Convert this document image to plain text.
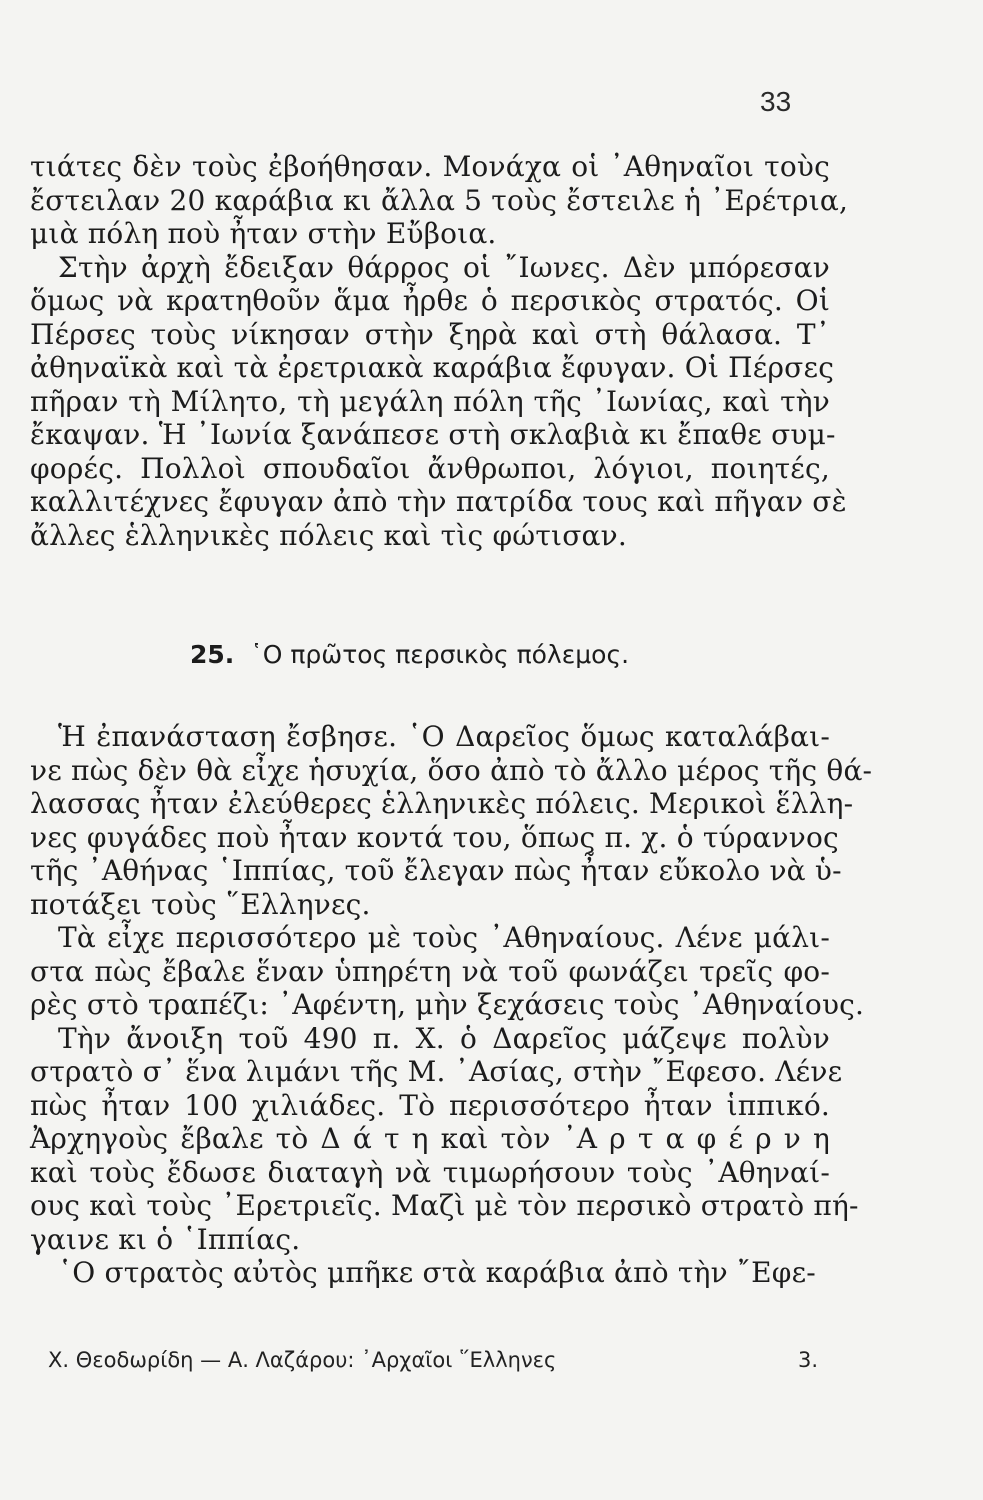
33
τιάτες δὲν τοὺς ἐβοήθησαν. Μονάχα οἱ ᾿Αθηναῖοι τοὺς
ἔστειλαν 20 καράβια κι ἄλλα 5 τοὺς ἔστειλε ἡ ᾿Ερέτρια,
μιὰ πόλη ποὺ ἦταν στὴν Εὔβοια.
Στὴν ἀρχὴ ἔδειξαν θάρρος οἱ ῎Ιωνες. Δὲν μπόρεσαν
ὅμως νὰ κρατηθοῦν ἅμα ἦρθε ὁ περσικὸς στρατός. Οἱ
Πέρσες τοὺς νίκησαν στὴν ξηρὰ καὶ στὴ θάλασα. Τ᾿
ἀθηναϊκὰ καὶ τὰ ἐρετριακὰ καράβια ἔφυγαν. Οἱ Πέρσες
πῆραν τὴ Μίλητο, τὴ μεγάλη πόλη τῆς ᾿Ιωνίας, καὶ τὴν
ἔκαψαν. Ἡ ᾿Ιωνία ξανάπεσε στὴ σκλαβιὰ κι ἔπαθε συμ-
φορές. Πολλοὶ σπουδαῖοι ἄνθρωποι, λόγιοι, ποιητές,
καλλιτέχνες ἔφυγαν ἀπὸ τὴν πατρίδα τους καὶ πῆγαν σὲ
ἄλλες ἑλληνικὲς πόλεις καὶ τὶς φώτισαν.
25. ῾Ο πρῶτος περσικὸς πόλεμος.
Ἡ ἐπανάσταση ἔσβησε. ῾Ο Δαρεῖος ὅμως καταλάβαι-
νε πὼς δὲν θὰ εἶχε ἡσυχία, ὅσο ἀπὸ τὸ ἄλλο μέρος τῆς θά-
λασσας ἦταν ἐλεύθερες ἑλληνικὲς πόλεις. Μερικοὶ ἕλλη-
νες φυγάδες ποὺ ἦταν κοντά του, ὅπως π. χ. ὁ τύραννος
τῆς ᾿Αθήνας ῾Ιππίας, τοῦ ἔλεγαν πὼς ἦταν εὔκολο νὰ ὑ-
ποτάξει τοὺς ῞Ελληνες.
Τὰ εἶχε περισσότερο μὲ τοὺς ᾿Αθηναίους. Λένε μάλι-
στα πὼς ἔβαλε ἕναν ὑπηρέτη νὰ τοῦ φωνάζει τρεῖς φο-
ρὲς στὸ τραπέζι: ᾿Αφέντη, μὴν ξεχάσεις τοὺς ᾿Αθηναίους.
Τὴν ἄνοιξη τοῦ 490 π. Χ. ὁ Δαρεῖος μάζεψε πολὺν
στρατὸ σ᾿ ἕνα λιμάνι τῆς Μ. ᾿Ασίας, στὴν ῎Εφεσο. Λένε
πὼς ἦταν 100 χιλιάδες. Τὸ περισσότερο ἦταν ἱππικό.
Ἀρχηγοὺς ἔβαλε τὸ Δ ά τ η καὶ τὸν ᾿Α ρ τ α φ έ ρ ν η
καὶ τοὺς ἔδωσε διαταγὴ νὰ τιμωρήσουν τοὺς ᾿Αθηναί-
ους καὶ τοὺς ᾿Ερετριεῖς. Μαζὶ μὲ τὸν περσικὸ στρατὸ πή-
γαινε κι ὁ ῾Ιππίας.
῾Ο στρατὸς αὐτὸς μπῆκε στὰ καράβια ἀπὸ τὴν ῎Εφε-
Χ. Θεοδωρίδη — Α. Λαζάρου: ᾿Αρχαῖοι ῞Ελληνες	3.
